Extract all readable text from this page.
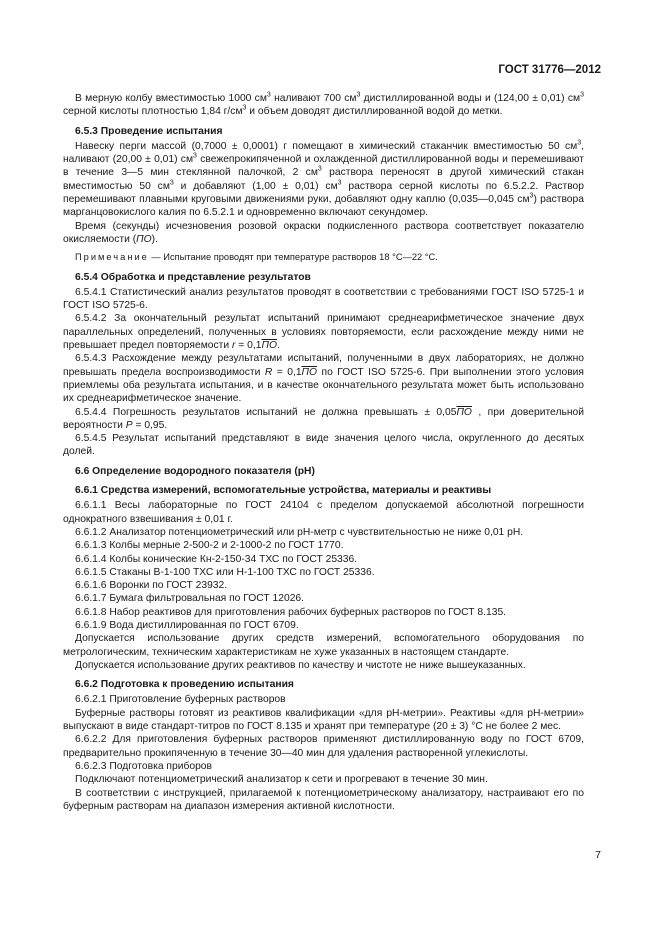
ГОСТ 31776—2012

В мерную колбу вместимостью 1000 $см^3$ наливают 700 $см^3$ дистиллированной воды и (124,00 ± 0,01) $см^3$ серной кислоты плотностью 1,84 $г/см^3$ и объем доводят дистиллированной водой до метки.

6.5.3 Проведение испытания

Навеску перги массой (0,7000 ± 0,0001) г помещают в химический стаканчик вместимостью 50 $см^3$, наливают (20,00 ± 0,01) $см^3$ свежепрокипяченной и охлажденной дистиллированной воды и перемешивают в течение 3—5 мин стеклянной палочкой, 2 $см^3$ раствора переносят в другой химический стакан вместимостью 50 $см^3$ и добавляют (1,00 ± 0,01) $см^3$ раствора серной кислоты по 6.5.2.2. Раствор перемешивают плавными круговыми движениями руки, добавляют одну каплю (0,035—0,045 $см^3$) раствора марганцовокислого калия по 6.5.2.1 и одновременно включают секундомер.

Время (секунды) исчезновения розовой окраски подкисленного раствора соответствует показателю окисляемости (ПО).

Примечание — Испытание проводят при температуре растворов 18 °С—22 °С.

6.5.4 Обработка и представление результатов

6.5.4.1 Статистический анализ результатов проводят в соответствии с требованиями ГОСТ ISO 5725-1 и ГОСТ ISO 5725-6.

6.5.4.2 За окончательный результат испытаний принимают среднеарифметическое значение двух параллельных определений, полученных в условиях повторяемости, если расхождение между ними не превышает предел повторяемости r = 0,1ПО.

6.5.4.3 Расхождение между результатами испытаний, полученными в двух лабораториях, не должно превышать предела воспроизводимости R = 0,1ПО по ГОСТ ISO 5725-6. При выполнении этого условия приемлемы оба результата испытания, и в качестве окончательного результата может быть использовано их среднеарифметическое значение.

6.5.4.4 Погрешность результатов испытаний не должна превышать ± 0,05ПО , при доверительной вероятности P = 0,95.

6.5.4.5 Результат испытаний представляют в виде значения целого числа, округленного до десятых долей.

6.6 Определение водородного показателя (рН)

6.6.1 Средства измерений, вспомогательные устройства, материалы и реактивы

6.6.1.1 Весы лабораторные по ГОСТ 24104 с пределом допускаемой абсолютной погрешности однократного взвешивания ± 0,01 г.

6.6.1.2 Анализатор потенциометрический или рН-метр с чувствительностью не ниже 0,01 рН.

6.6.1.3 Колбы мерные 2-500-2 и 2-1000-2 по ГОСТ 1770.

6.6.1.4 Колбы конические Кн-2-150-34 ТХС по ГОСТ 25336.

6.6.1.5 Стаканы В-1-100 ТХС или Н-1-100 ТХС по ГОСТ 25336.

6.6.1.6 Воронки по ГОСТ 23932.

6.6.1.7 Бумага фильтровальная по ГОСТ 12026.

6.6.1.8 Набор реактивов для приготовления рабочих буферных растворов по ГОСТ 8.135.

6.6.1.9 Вода дистиллированная по ГОСТ 6709.

Допускается использование других средств измерений, вспомогательного оборудования по метрологическим, техническим характеристикам не хуже указанных в настоящем стандарте.

Допускается использование других реактивов по качеству и чистоте не ниже вышеуказанных.

6.6.2 Подготовка к проведению испытания

6.6.2.1 Приготовление буферных растворов

Буферные растворы готовят из реактивов квалификации «для рН-метрии». Реактивы «для рН-метрии» выпускают в виде стандарт-титров по ГОСТ 8.135 и хранят при температуре (20 ± 3) °С не более 2 мес.

6.6.2.2 Для приготовления буферных растворов применяют дистиллированную воду по ГОСТ 6709, предварительно прокипяченную в течение 30—40 мин для удаления растворенной углекислоты.

6.6.2.3 Подготовка приборов

Подключают потенциометрический анализатор к сети и прогревают в течение 30 мин.

В соответствии с инструкцией, прилагаемой к потенциометрическому анализатору, настраивают его по буферным растворам на диапазон измерения активной кислотности.

7
